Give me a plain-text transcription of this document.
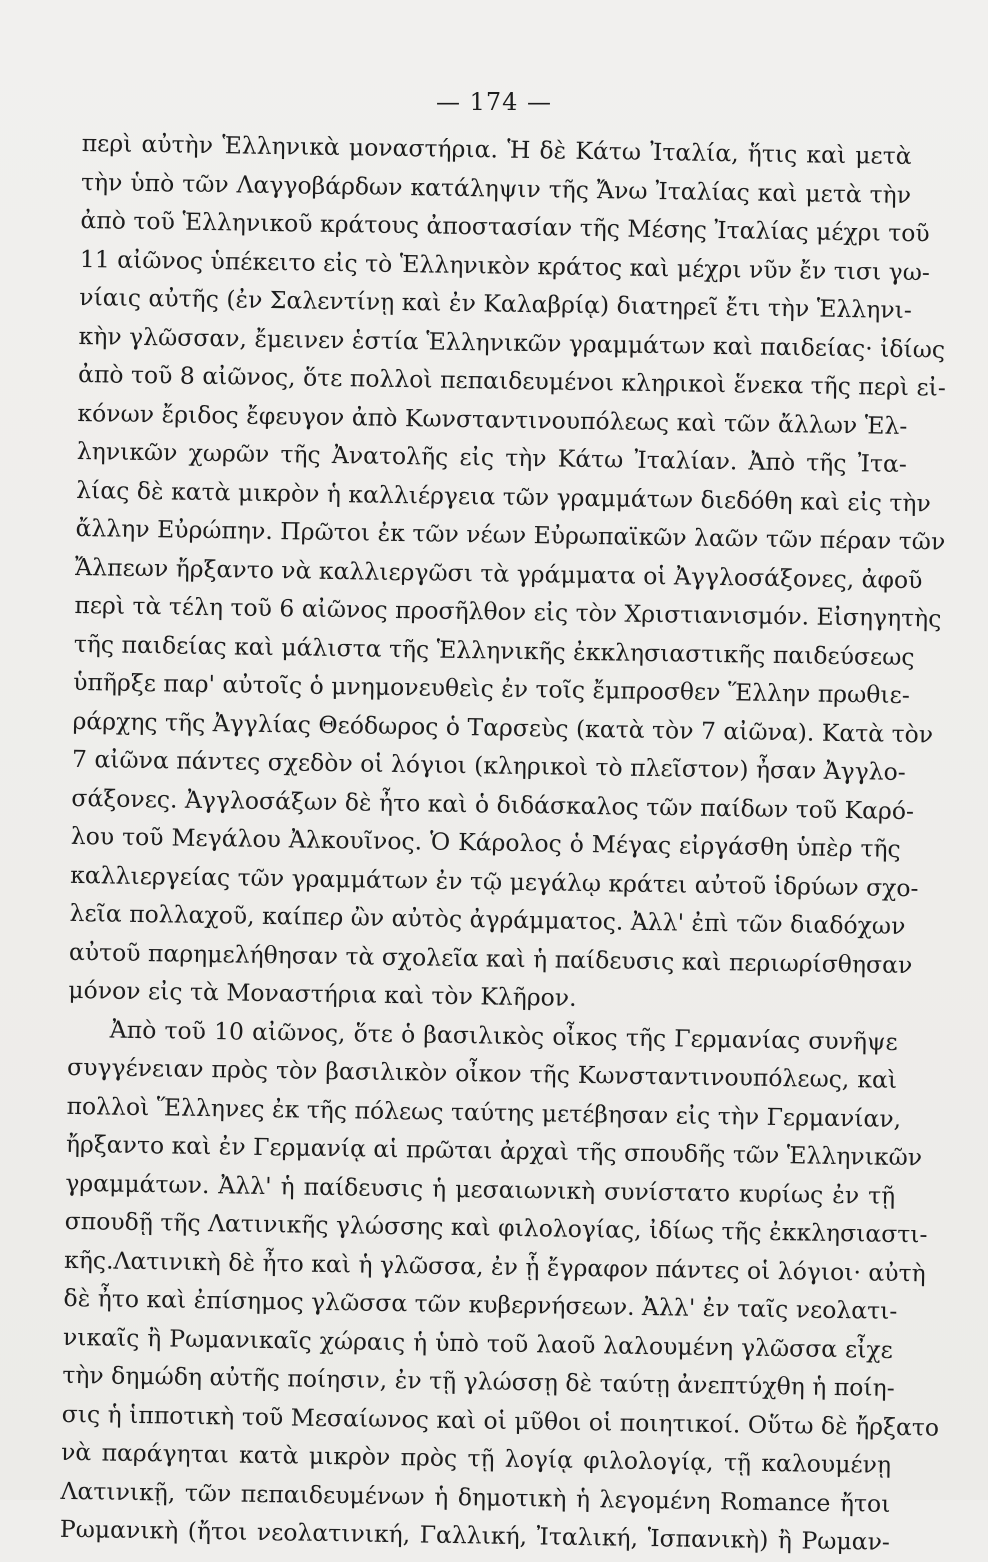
— 174 —
περὶ αὐτὴν Ἑλληνικὰ μοναστήρια. Ἡ δὲ Κάτω Ἰταλία, ἥτις καὶ μετὰ
τὴν ὑπὸ τῶν Λαγγοβάρδων κατάληψιν τῆς Ἄνω Ἰταλίας καὶ μετὰ τὴν
ἀπὸ τοῦ Ἑλληνικοῦ κράτους ἀποστασίαν τῆς Μέσης Ἰταλίας μέχρι τοῦ
11 αἰῶνος ὑπέκειτο εἰς τὸ Ἑλληνικὸν κράτος καὶ μέχρι νῦν ἔν τισι γω-
νίαις αὐτῆς (ἐν Σαλεντίνῃ καὶ ἐν Καλαβρίᾳ) διατηρεῖ ἔτι τὴν Ἑλληνι-
κὴν γλῶσσαν, ἔμεινεν ἑστία Ἑλληνικῶν γραμμάτων καὶ παιδείας· ἰδίως
ἀπὸ τοῦ 8 αἰῶνος, ὅτε πολλοὶ πεπαιδευμένοι κληρικοὶ ἕνεκα τῆς περὶ εἰ-
κόνων ἔριδος ἔφευγον ἀπὸ Κωνσταντινουπόλεως καὶ τῶν ἄλλων Ἑλ-
ληνικῶν χωρῶν τῆς Ἀνατολῆς εἰς τὴν Κάτω Ἰταλίαν. Ἀπὸ τῆς Ἰτα-
λίας δὲ κατὰ μικρὸν ἡ καλλιέργεια τῶν γραμμάτων διεδόθη καὶ εἰς τὴν
ἄλλην Εὐρώπην. Πρῶτοι ἐκ τῶν νέων Εὐρωπαϊκῶν λαῶν τῶν πέραν τῶν
Ἄλπεων ἤρξαντο νὰ καλλιεργῶσι τὰ γράμματα οἱ Ἀγγλοσάξονες, ἀφοῦ
περὶ τὰ τέλη τοῦ 6 αἰῶνος προσῆλθον εἰς τὸν Χριστιανισμόν. Εἰσηγητὴς
τῆς παιδείας καὶ μάλιστα τῆς Ἑλληνικῆς ἐκκλησιαστικῆς παιδεύσεως
ὑπῆρξε παρ' αὐτοῖς ὁ μνημονευθεὶς ἐν τοῖς ἔμπροσθεν Ἕλλην πρωθιε-
ράρχης τῆς Ἀγγλίας Θεόδωρος ὁ Ταρσεὺς (κατὰ τὸν 7 αἰῶνα). Κατὰ τὸν
7 αἰῶνα πάντες σχεδὸν οἱ λόγιοι (κληρικοὶ τὸ πλεῖστον) ἦσαν Ἀγγλο-
σάξονες. Ἀγγλοσάξων δὲ ἦτο καὶ ὁ διδάσκαλος τῶν παίδων τοῦ Καρό-
λου τοῦ Μεγάλου Ἀλκουῖνος. Ὁ Κάρολος ὁ Μέγας εἰργάσθη ὑπὲρ τῆς
καλλιεργείας τῶν γραμμάτων ἐν τῷ μεγάλῳ κράτει αὐτοῦ ἱδρύων σχο-
λεῖα πολλαχοῦ, καίπερ ὢν αὐτὸς ἀγράμματος. Ἀλλ' ἐπὶ τῶν διαδόχων
αὐτοῦ παρημελήθησαν τὰ σχολεῖα καὶ ἡ παίδευσις καὶ περιωρίσθησαν
μόνον εἰς τὰ Μοναστήρια καὶ τὸν Κλῆρον.
Ἀπὸ τοῦ 10 αἰῶνος, ὅτε ὁ βασιλικὸς οἶκος τῆς Γερμανίας συνῆψε
συγγένειαν πρὸς τὸν βασιλικὸν οἶκον τῆς Κωνσταντινουπόλεως, καὶ
πολλοὶ Ἕλληνες ἐκ τῆς πόλεως ταύτης μετέβησαν εἰς τὴν Γερμανίαν,
ἤρξαντο καὶ ἐν Γερμανίᾳ αἱ πρῶται ἀρχαὶ τῆς σπουδῆς τῶν Ἑλληνικῶν
γραμμάτων. Ἀλλ' ἡ παίδευσις ἡ μεσαιωνικὴ συνίστατο κυρίως ἐν τῇ
σπουδῇ τῆς Λατινικῆς γλώσσης καὶ φιλολογίας, ἰδίως τῆς ἐκκλησιαστι-
κῆς.Λατινικὴ δὲ ἦτο καὶ ἡ γλῶσσα, ἐν ᾗ ἔγραφον πάντες οἱ λόγιοι· αὐτὴ
δὲ ἦτο καὶ ἐπίσημος γλῶσσα τῶν κυβερνήσεων. Ἀλλ' ἐν ταῖς νεολατι-
νικαῖς ἢ Ρωμανικαῖς χώραις ἡ ὑπὸ τοῦ λαοῦ λαλουμένη γλῶσσα εἶχε
τὴν δημώδη αὐτῆς ποίησιν, ἐν τῇ γλώσσῃ δὲ ταύτῃ ἀνεπτύχθη ἡ ποίη-
σις ἡ ἱπποτικὴ τοῦ Μεσαίωνος καὶ οἱ μῦθοι οἱ ποιητικοί. Οὕτω δὲ ἤρξατο
νὰ παράγηται κατὰ μικρὸν πρὸς τῇ λογίᾳ φιλολογίᾳ, τῇ καλουμένῃ
Λατινικῇ, τῶν πεπαιδευμένων ἡ δημοτικὴ ἡ λεγομένη Romance ἤτοι
Ρωμανικὴ (ἤτοι νεολατινική, Γαλλική, Ἰταλική, Ἱσπανικὴ) ἢ Ρωμαν-
